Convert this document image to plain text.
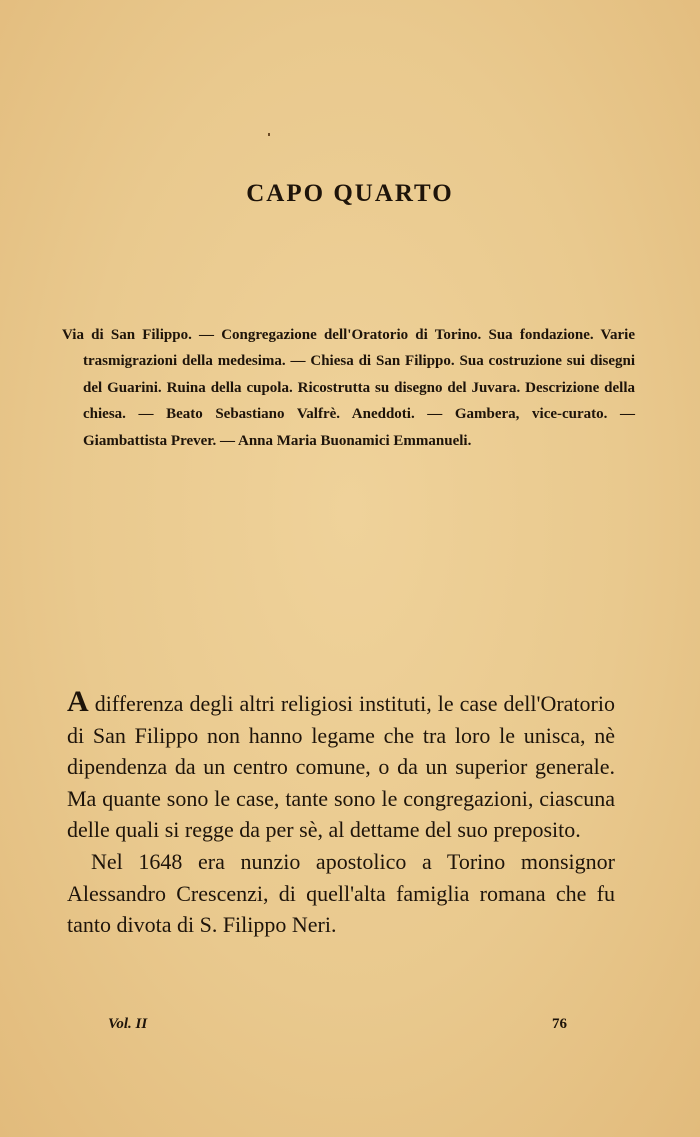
CAPO QUARTO

Via di San Filippo. — Congregazione dell'Oratorio di Torino. Sua fondazione. Varie trasmigrazioni della medesima. — Chiesa di San Filippo. Sua costruzione sui disegni del Guarini. Ruina della cupola. Ricostrutta su disegno del Juvara. Descrizione della chiesa. — Beato Sebastiano Valfrè. Aneddoti. — Gambera, vice-curato. — Giambattista Prever. — Anna Maria Buonamici Emmanueli.

A differenza degli altri religiosi instituti, le case dell'Oratorio di San Filippo non hanno legame che tra loro le unisca, nè dipendenza da un centro comune, o da un superior generale. Ma quante sono le case, tante sono le congregazioni, ciascuna delle quali si regge da per sè, al dettame del suo preposito.

Nel 1648 era nunzio apostolico a Torino monsignor Alessandro Crescenzi, di quell'alta famiglia romana che fu tanto divota di S. Filippo Neri.

Vol. II	76
